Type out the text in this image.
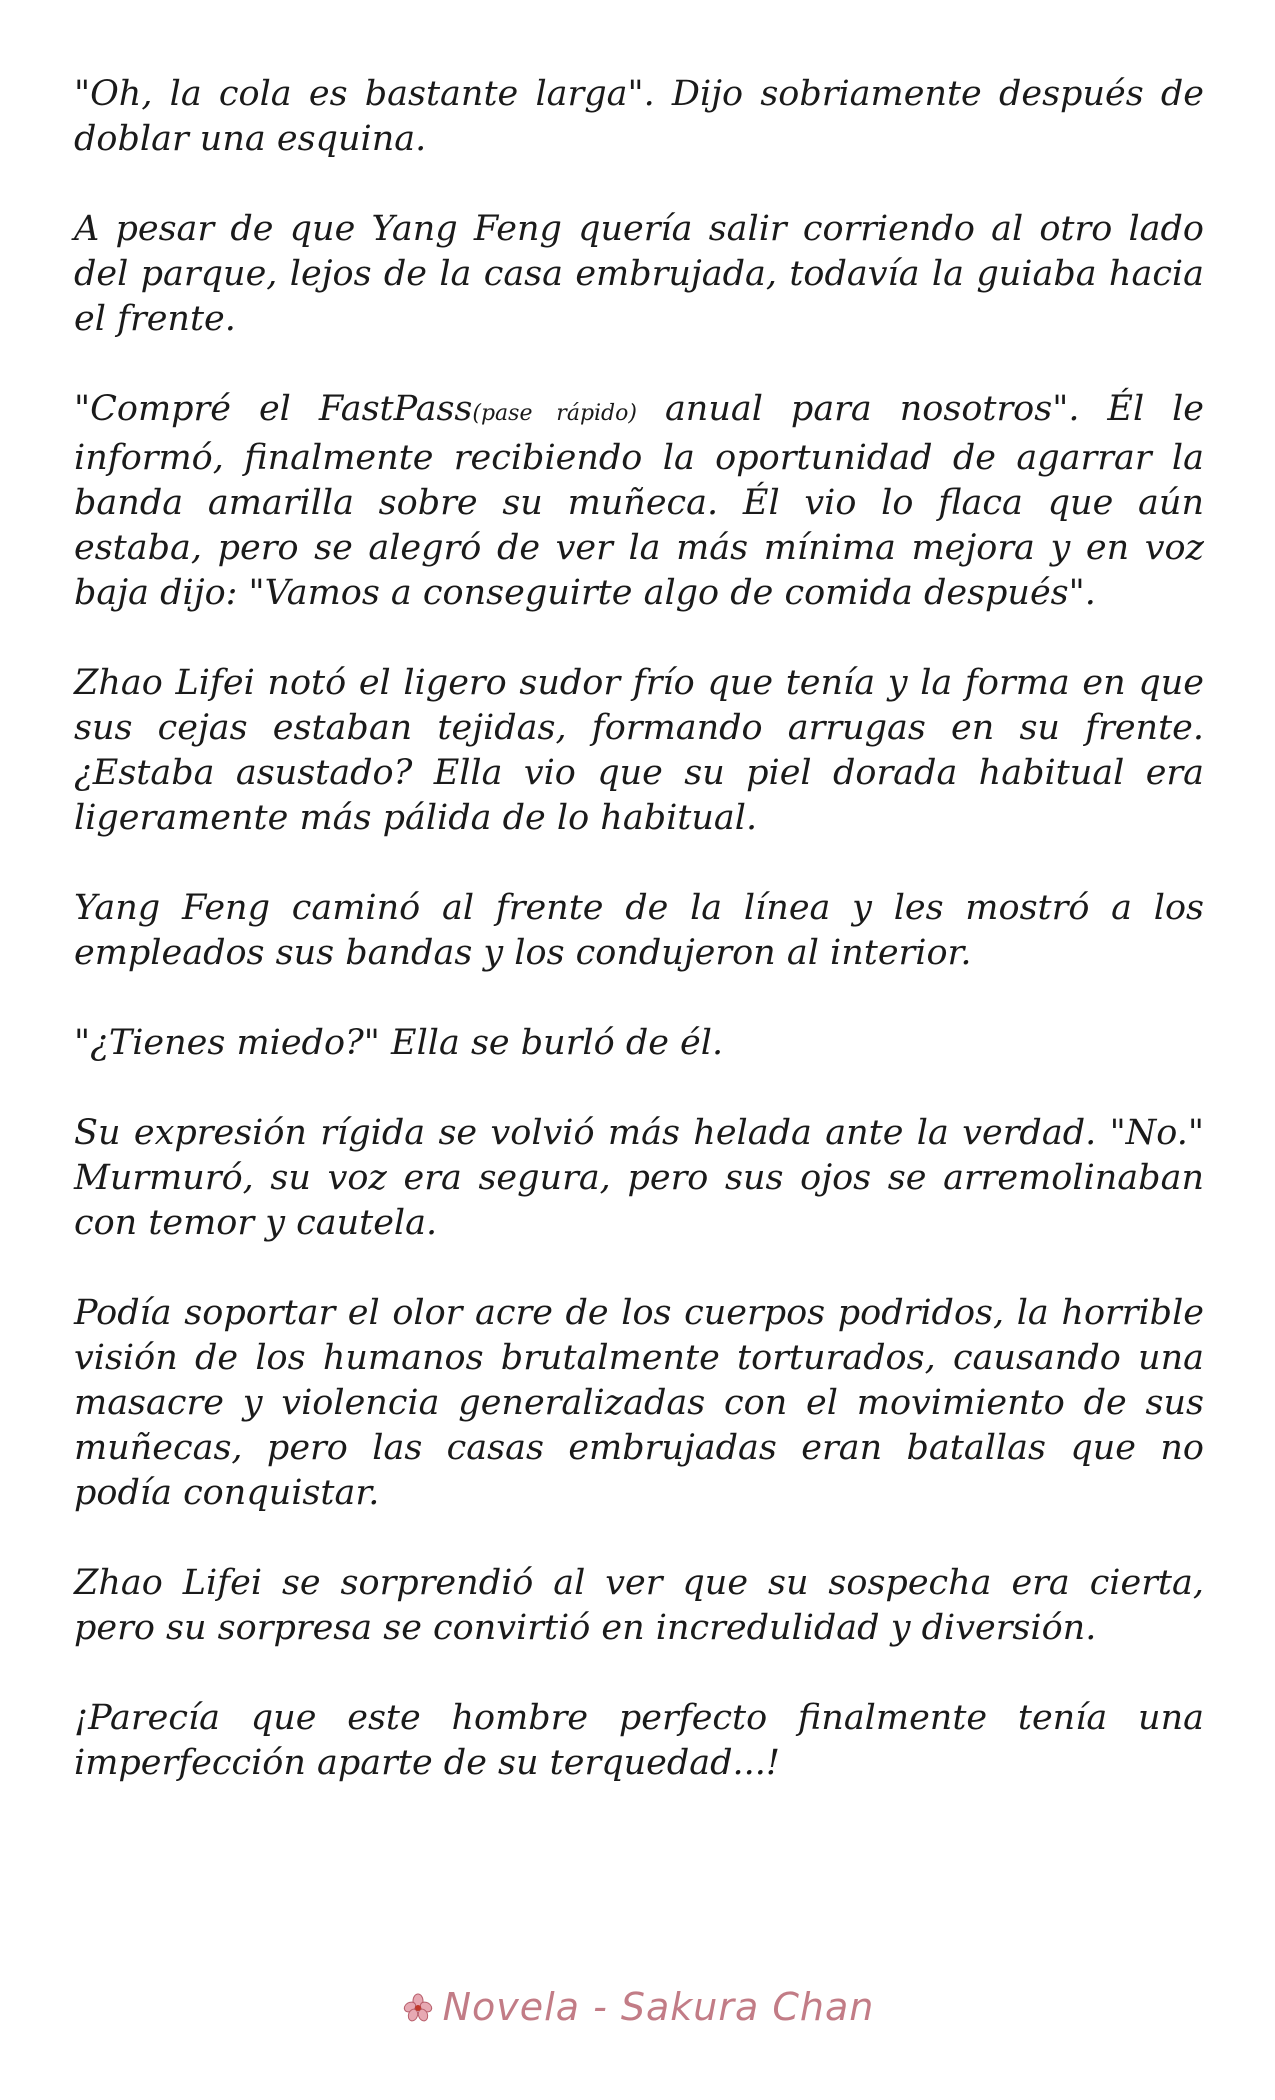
"Oh, la cola es bastante larga". Dijo sobriamente después de doblar una esquina.

A pesar de que Yang Feng quería salir corriendo al otro lado del parque, lejos de la casa embrujada, todavía la guiaba hacia el frente.

"Compré el FastPass(pase rápido) anual para nosotros". Él le informó, finalmente recibiendo la oportunidad de agarrar la banda amarilla sobre su muñeca. Él vio lo flaca que aún estaba, pero se alegró de ver la más mínima mejora y en voz baja dijo: "Vamos a conseguirte algo de comida después".

Zhao Lifei notó el ligero sudor frío que tenía y la forma en que sus cejas estaban tejidas, formando arrugas en su frente. ¿Estaba asustado? Ella vio que su piel dorada habitual era ligeramente más pálida de lo habitual.

Yang Feng caminó al frente de la línea y les mostró a los empleados sus bandas y los condujeron al interior.

"¿Tienes miedo?" Ella se burló de él.

Su expresión rígida se volvió más helada ante la verdad. "No." Murmuró, su voz era segura, pero sus ojos se arremolinaban con temor y cautela.

Podía soportar el olor acre de los cuerpos podridos, la horrible visión de los humanos brutalmente torturados, causando una masacre y violencia generalizadas con el movimiento de sus muñecas, pero las casas embrujadas eran batallas que no podía conquistar.

Zhao Lifei se sorprendió al ver que su sospecha era cierta, pero su sorpresa se convirtió en incredulidad y diversión.

¡Parecía que este hombre perfecto finalmente tenía una imperfección aparte de su terquedad...!

Novela - Sakura Chan
